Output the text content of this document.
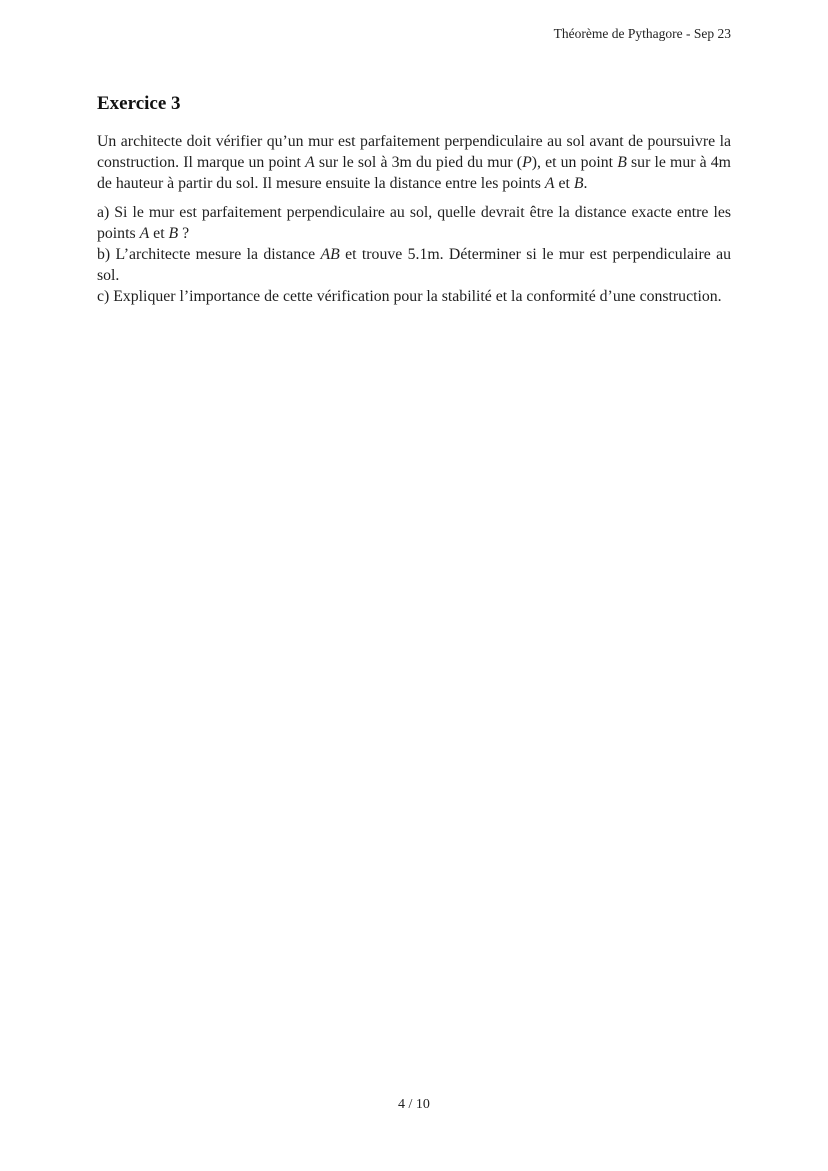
Théorème de Pythagore - Sep 23
Exercice 3

Un architecte doit vérifier qu’un mur est parfaitement perpendiculaire au sol avant de poursuivre la construction. Il marque un point A sur le sol à 3m du pied du mur (P), et un point B sur le mur à 4m de hauteur à partir du sol. Il mesure ensuite la distance entre les points A et B.

a) Si le mur est parfaitement perpendiculaire au sol, quelle devrait être la distance exacte entre les points A et B ?

b) L’architecte mesure la distance AB et trouve 5.1m. Déterminer si le mur est perpendiculaire au sol.

c) Expliquer l’importance de cette vérification pour la stabilité et la conformité d’une construction.

4 / 10
